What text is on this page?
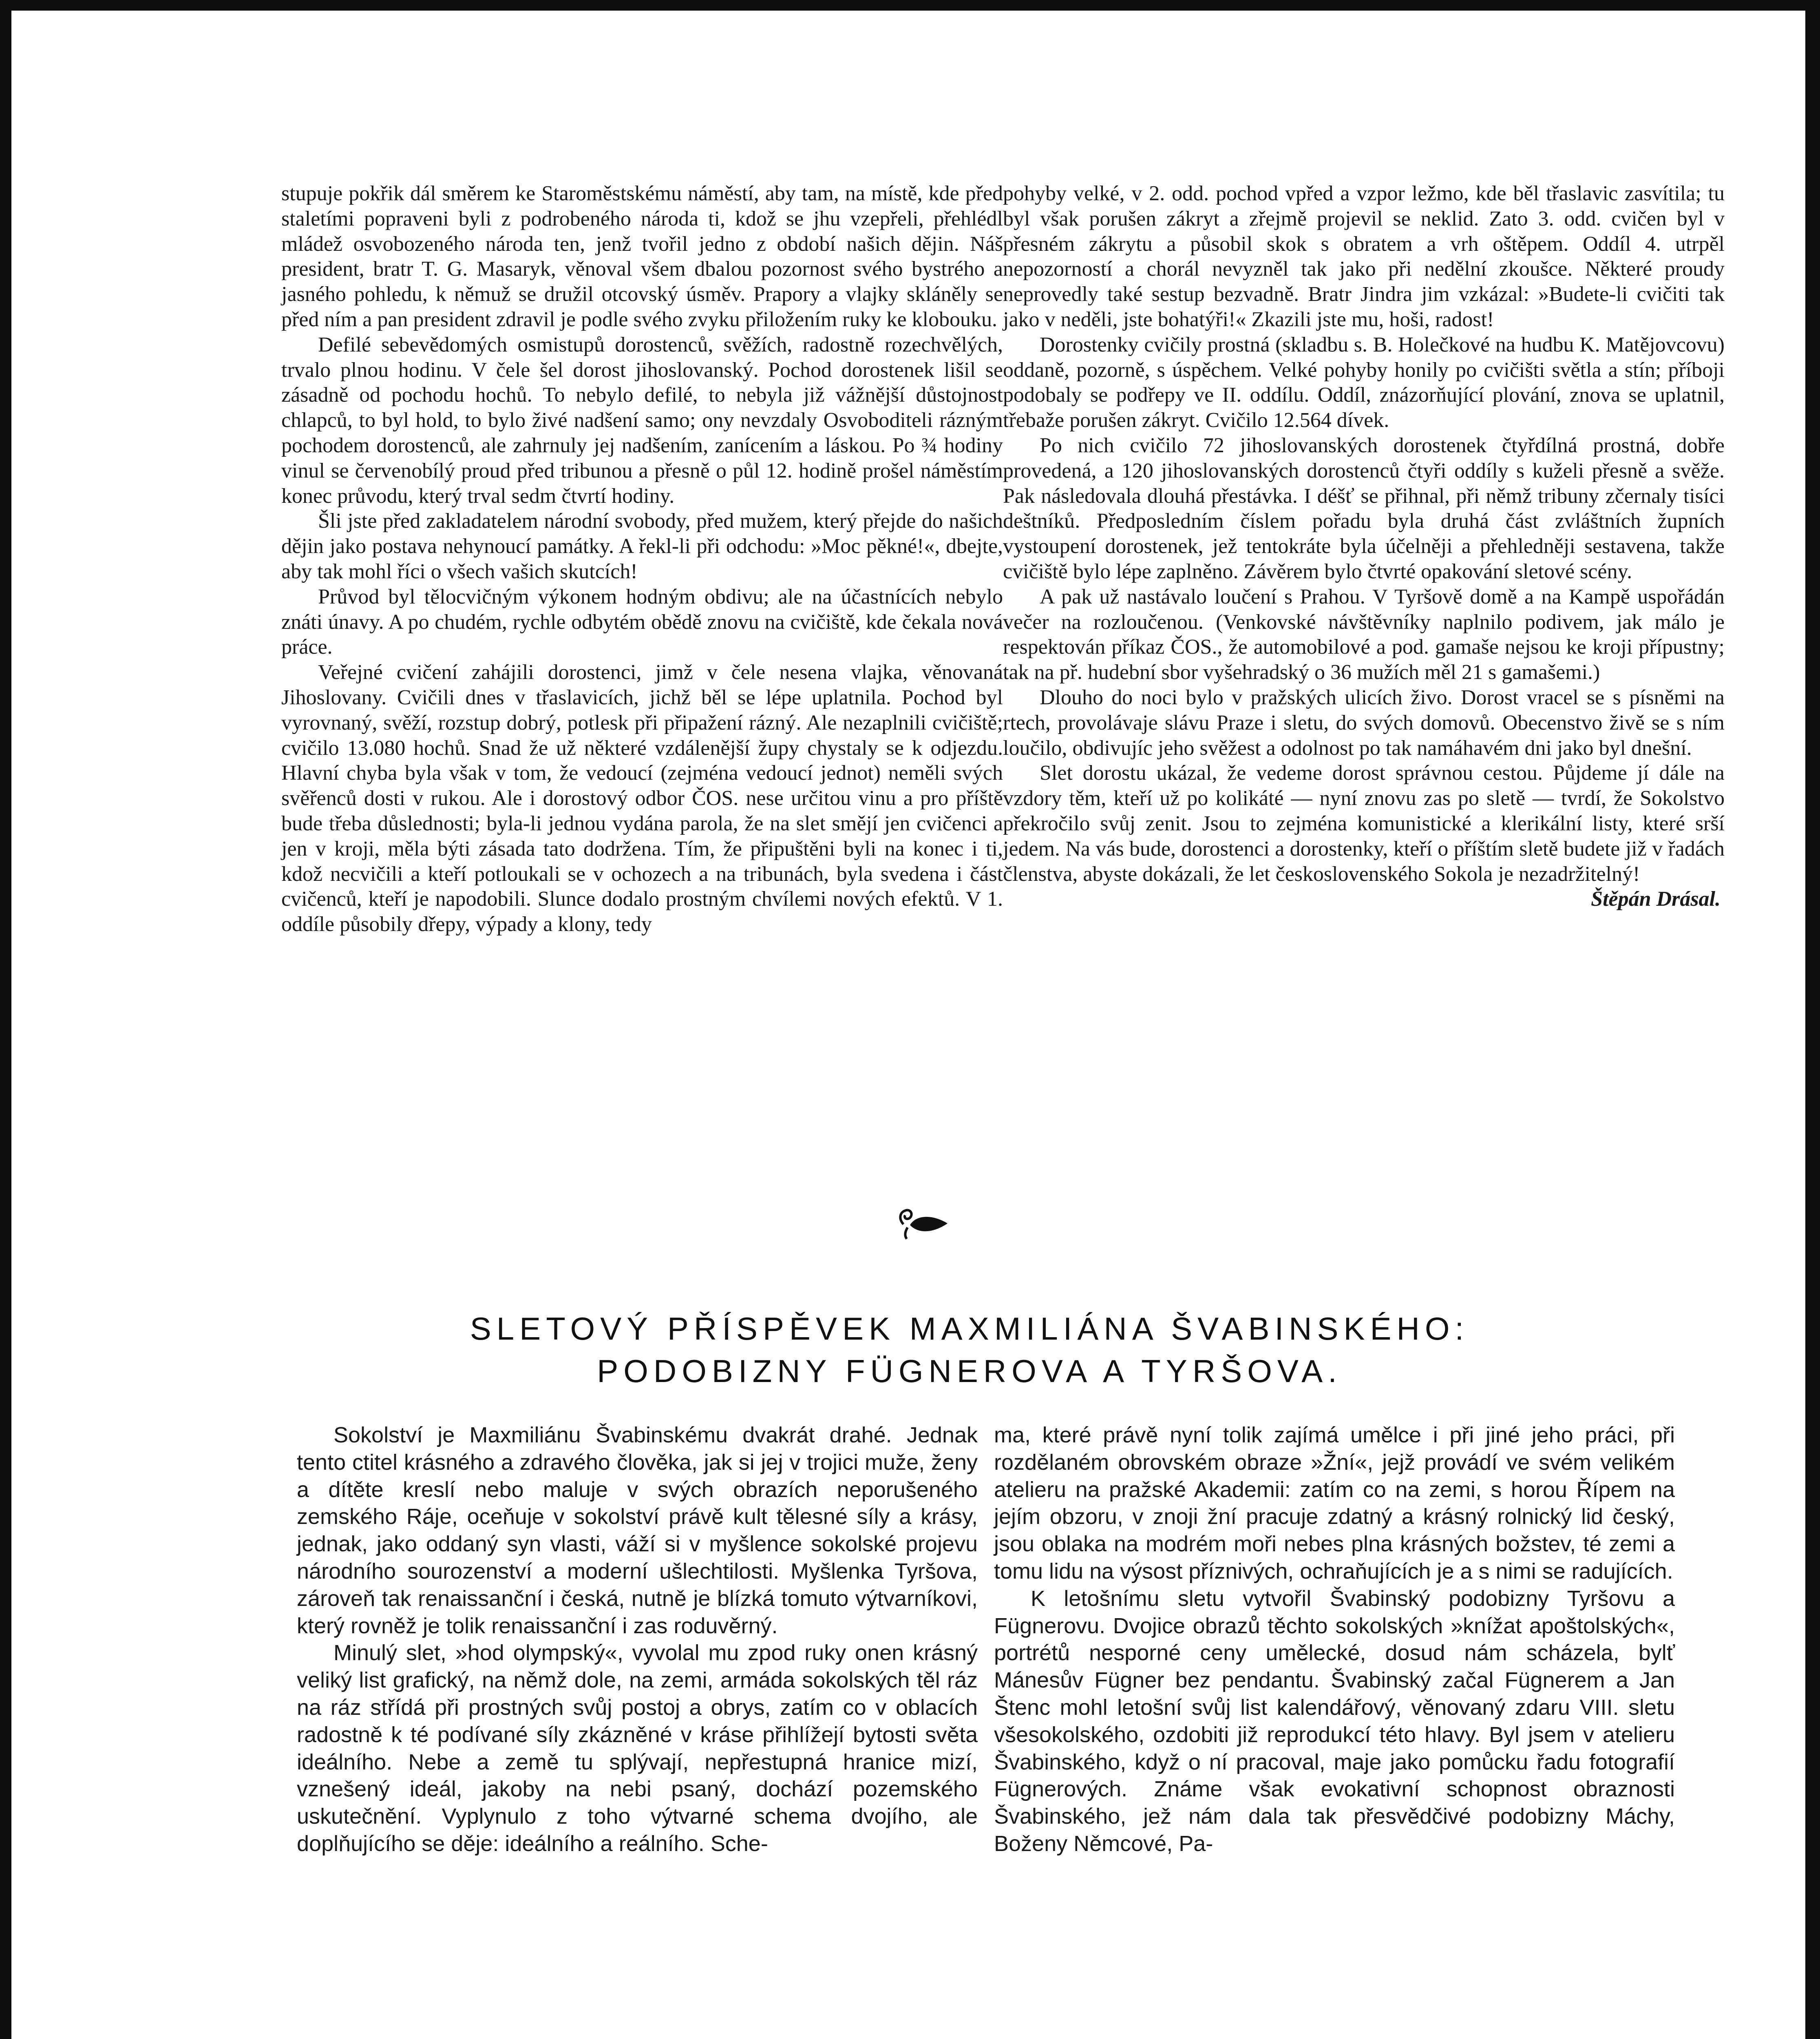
stupuje pokřik dál směrem ke Staroměstskému náměstí, aby tam, na místě, kde před staletími popraveni byli z podrobeného národa ti, kdož se jhu vzepřeli, přehlédl mládež osvobozeného národa ten, jenž tvořil jedno z období našich dějin. Náš president, bratr T. G. Masaryk, věnoval všem dbalou pozornost svého bystrého a jasného pohledu, k němuž se družil otcovský úsměv. Prapory a vlajky skláněly se před ním a pan president zdravil je podle svého zvyku přiložením ruky ke klobouku.

Defilé sebevědomých osmistupů dorostenců, svěžích, radostně rozechvělých, trvalo plnou hodinu. V čele šel dorost jihoslovanský. Pochod dorostenek lišil se zásadně od pochodu hochů. To nebylo defilé, to nebyla již vážnější důstojnost chlapců, to byl hold, to bylo živé nadšení samo; ony nevzdaly Osvoboditeli rázným pochodem dorostenců, ale zahrnuly jej nadšením, zanícením a láskou. Po ¾ hodiny vinul se červenobílý proud před tribunou a přesně o půl 12. hodině prošel náměstím konec průvodu, který trval sedm čtvrtí hodiny.

Šli jste před zakladatelem národní svobody, před mužem, který přejde do našich dějin jako postava nehynoucí památky. A řekl-li při odchodu: »Moc pěkné!«, dbejte, aby tak mohl říci o všech vašich skutcích!

Průvod byl tělocvičným výkonem hodným obdivu; ale na účastnících nebylo znáti únavy. A po chudém, rychle odbytém obědě znovu na cvičiště, kde čekala nová práce.

Veřejné cvičení zahájili dorostenci, jimž v čele nesena vlajka, věnovaná Jihoslovany. Cvičili dnes v třaslavicích, jichž běl se lépe uplatnila. Pochod byl vyrovnaný, svěží, rozstup dobrý, potlesk při připažení rázný. Ale nezaplnili cvičiště; cvičilo 13.080 hochů. Snad že už některé vzdálenější župy chystaly se k odjezdu. Hlavní chyba byla však v tom, že vedoucí (zejména vedoucí jednot) neměli svých svěřenců dosti v rukou. Ale i dorostový odbor ČOS. nese určitou vinu a pro příště bude třeba důslednosti; byla-li jednou vydána parola, že na slet smějí jen cvičenci a jen v kroji, měla býti zásada tato dodržena. Tím, že připuštěni byli na konec i ti, kdož necvičili a kteří potloukali se v ochozech a na tribunách, byla svedena i část cvičenců, kteří je napodobili. Slunce dodalo prostným chvílemi nových efektů. V 1. oddíle působily dřepy, výpady a klony, tedy

pohyby velké, v 2. odd. pochod vpřed a vzpor ležmo, kde běl třaslavic zasvítila; tu byl však porušen zákryt a zřejmě projevil se neklid. Zato 3. odd. cvičen byl v přesném zákrytu a působil skok s obratem a vrh oštěpem. Oddíl 4. utrpěl nepozorností a chorál nevyzněl tak jako při nedělní zkoušce. Některé proudy neprovedly také sestup bezvadně. Bratr Jindra jim vzkázal: »Budete-li cvičiti tak jako v neděli, jste bohatýři!« Zkazili jste mu, hoši, radost!

Dorostenky cvičily prostná (skladbu s. B. Holečkové na hudbu K. Matějovcovu) oddaně, pozorně, s úspěchem. Velké pohyby honily po cvičišti světla a stín; příboji podobaly se podřepy ve II. oddílu. Oddíl, znázorňující plování, znova se uplatnil, třebaže porušen zákryt. Cvičilo 12.564 dívek.

Po nich cvičilo 72 jihoslovanských dorostenek čtyřdílná prostná, dobře provedená, a 120 jihoslovanských dorostenců čtyři oddíly s kuželi přesně a svěže. Pak následovala dlouhá přestávka. I déšť se přihnal, při němž tribuny zčernaly tisíci deštníků. Předposledním číslem pořadu byla druhá část zvláštních župních vystoupení dorostenek, jež tentokráte byla účelněji a přehledněji sestavena, takže cvičiště bylo lépe zaplněno. Závěrem bylo čtvrté opakování sletové scény.

A pak už nastávalo loučení s Prahou. V Tyršově domě a na Kampě uspořádán večer na rozloučenou. (Venkovské návštěvníky naplnilo podivem, jak málo je respektován příkaz ČOS., že automobilové a pod. gamaše nejsou ke kroji přípustny; tak na př. hudební sbor vyšehradský o 36 mužích měl 21 s gamašemi.)

Dlouho do noci bylo v pražských ulicích živo. Dorost vracel se s písněmi na rtech, provolávaje slávu Praze i sletu, do svých domovů. Obecenstvo živě se s ním loučilo, obdivujíc jeho svěžest a odolnost po tak namáhavém dni jako byl dnešní.

Slet dorostu ukázal, že vedeme dorost správnou cestou. Půjdeme jí dále na vzdory těm, kteří už po kolikáté — nyní znovu zas po sletě — tvrdí, že Sokolstvo překročilo svůj zenit. Jsou to zejména komunistické a klerikální listy, které srší jedem. Na vás bude, dorostenci a dorostenky, kteří o příštím sletě budete již v řadách členstva, abyste dokázali, že let československého Sokola je nezadržitelný!

Štěpán Drásal.

SLETOVÝ PŘÍSPĚVEK MAXMILIÁNA ŠVABINSKÉHO:
PODOBIZNY FÜGNEROVA A TYRŠOVA.

Sokolství je Maxmiliánu Švabinskému dvakrát drahé. Jednak tento ctitel krásného a zdravého člověka, jak si jej v trojici muže, ženy a dítěte kreslí nebo maluje v svých obrazích neporušeného zemského Ráje, oceňuje v sokolství právě kult tělesné síly a krásy, jednak, jako oddaný syn vlasti, váží si v myšlence sokolské projevu národního sourozenství a moderní ušlechtilosti. Myšlenka Tyršova, zároveň tak renaissanční i česká, nutně je blízká tomuto výtvarníkovi, který rovněž je tolik renaissanční i zas roduvěrný.

Minulý slet, »hod olympský«, vyvolal mu zpod ruky onen krásný veliký list grafický, na němž dole, na zemi, armáda sokolských těl ráz na ráz střídá při prostných svůj postoj a obrys, zatím co v oblacích radostně k té podívané síly zkázněné v kráse přihlížejí bytosti světa ideálního. Nebe a země tu splývají, nepřestupná hranice mizí, vznešený ideál, jakoby na nebi psaný, dochází pozemského uskutečnění. Vyplynulo z toho výtvarné schema dvojího, ale doplňujícího se děje: ideálního a reálního. Sche-

ma, které právě nyní tolik zajímá umělce i při jiné jeho práci, při rozdělaném obrovském obraze »Žní«, jejž provádí ve svém velikém atelieru na pražské Akademii: zatím co na zemi, s horou Řípem na jejím obzoru, v znoji žní pracuje zdatný a krásný rolnický lid český, jsou oblaka na modrém moři nebes plna krásných božstev, té zemi a tomu lidu na výsost příznivých, ochraňujících je a s nimi se radujících.

K letošnímu sletu vytvořil Švabinský podobizny Tyršovu a Fügnerovu. Dvojice obrazů těchto sokolských »knížat apoštolských«, portrétů nesporné ceny umělecké, dosud nám scházela, bylť Mánesův Fügner bez pendantu. Švabinský začal Fügnerem a Jan Štenc mohl letošní svůj list kalendářový, věnovaný zdaru VIII. sletu všesokolského, ozdobiti již reprodukcí této hlavy. Byl jsem v atelieru Švabinského, když o ní pracoval, maje jako pomůcku řadu fotografií Fügnerových. Známe však evokativní schopnost obraznosti Švabinského, jež nám dala tak přesvědčivé podobizny Máchy, Boženy Němcové, Pa-
